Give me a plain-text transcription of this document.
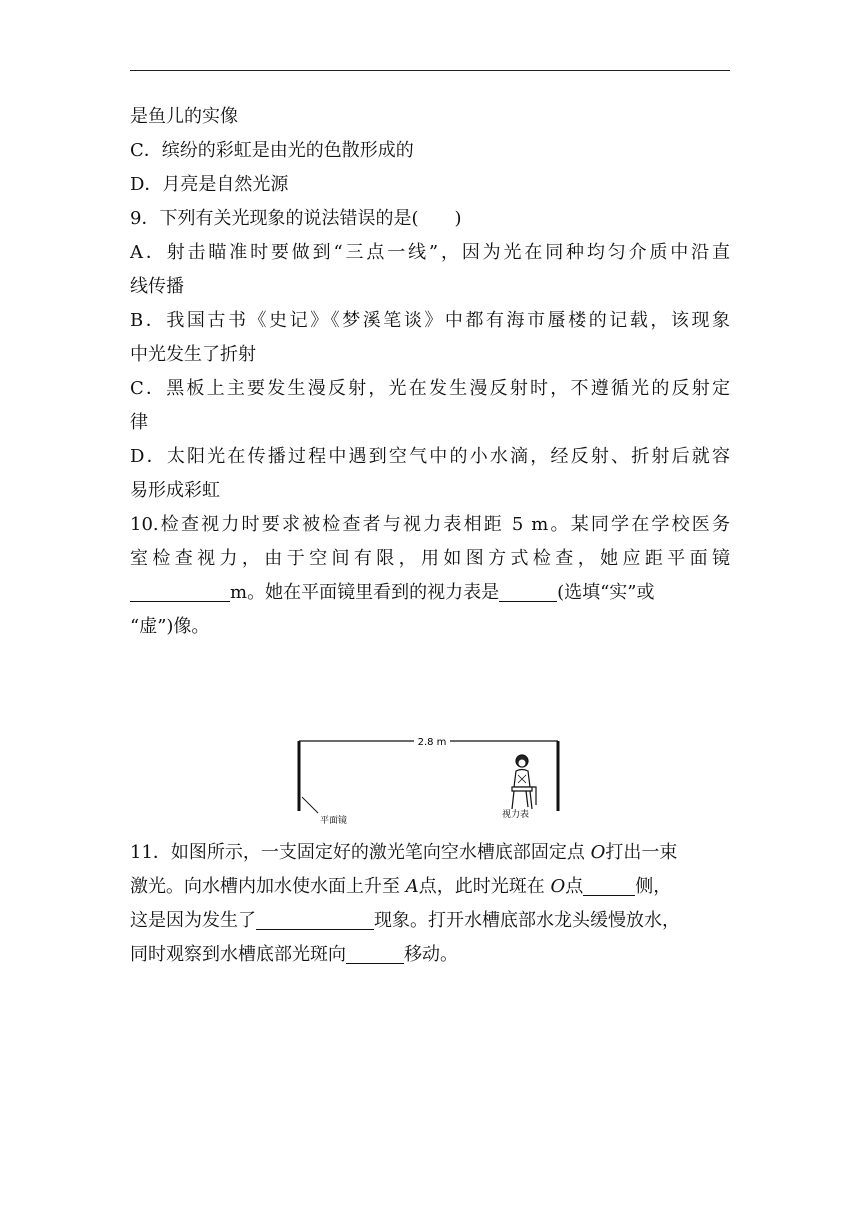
是鱼儿的实像
C．缤纷的彩虹是由光的色散形成的
D．月亮是自然光源
9．下列有关光现象的说法错误的是(　　)
A．射击瞄准时要做到“三点一线”，因为光在同种均匀介质中沿直
线传播
B．我国古书《史记》《梦溪笔谈》中都有海市蜃楼的记载，该现象
中光发生了折射
C．黑板上主要发生漫反射，光在发生漫反射时，不遵循光的反射定
律
D．太阳光在传播过程中遇到空气中的小水滴，经反射、折射后就容
易形成彩虹
10.检查视力时要求被检查者与视力表相距 5 m。某同学在学校医务
室检查视力，由于空间有限，用如图方式检查，她应距平面镜
m。她在平面镜里看到的视力表是	(选填“实”或
“虚”)像。
2.8 m
平面镜
视力表
11．如图所示，一支固定好的激光笔向空水槽底部固定点 O打出一束
激光。向水槽内加水使水面上升至 A点，此时光斑在 O点	侧，
这是因为发生了	现象。打开水槽底部水龙头缓慢放水，
同时观察到水槽底部光斑向	移动。
